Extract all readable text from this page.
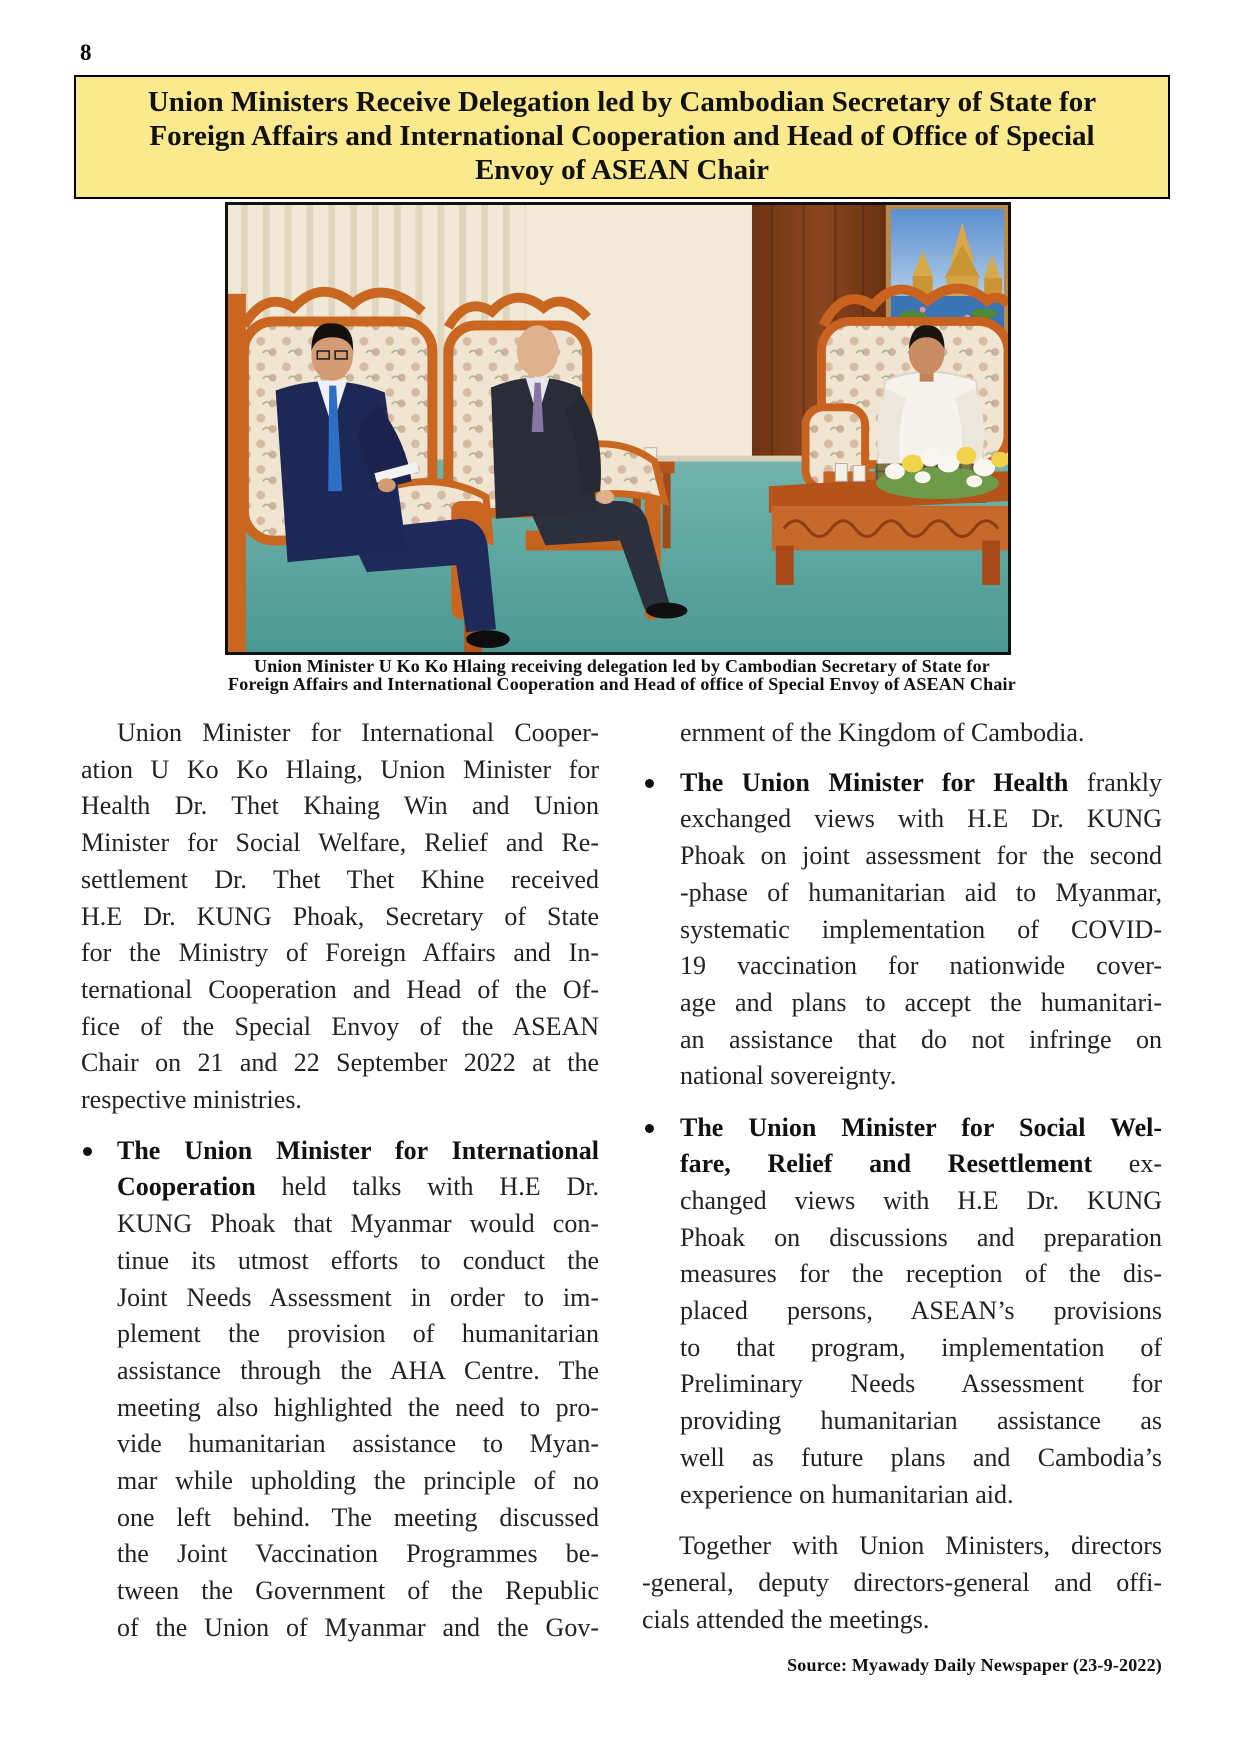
8
Union Ministers Receive Delegation led by Cambodian Secretary of State for
Foreign Affairs and International Cooperation and Head of Office of Special
Envoy of ASEAN Chair
Union Minister U Ko Ko Hlaing receiving delegation led by Cambodian Secretary of State for
Foreign Affairs and International Cooperation and Head of office of Special Envoy of ASEAN Chair
Union Minister for International Cooper-
ation U Ko Ko Hlaing, Union Minister for
Health Dr. Thet Khaing Win and Union
Minister for Social Welfare, Relief and Re-
settlement Dr. Thet Thet Khine received
H.E Dr. KUNG Phoak, Secretary of State
for the Ministry of Foreign Affairs and In-
ternational Cooperation and Head of the Of-
fice of the Special Envoy of the ASEAN
Chair on 21 and 22 September 2022 at the
respective ministries.
The Union Minister for International
Cooperation held talks with H.E Dr.
KUNG Phoak that Myanmar would con-
tinue its utmost efforts to conduct the
Joint Needs Assessment in order to im-
plement the provision of humanitarian
assistance through the AHA Centre. The
meeting also highlighted the need to pro-
vide humanitarian assistance to Myan-
mar while upholding the principle of no
one left behind. The meeting discussed
the Joint Vaccination Programmes be-
tween the Government of the Republic
of the Union of Myanmar and the Gov-
ernment of the Kingdom of Cambodia.
The Union Minister for Health frankly
exchanged views with H.E Dr. KUNG
Phoak on joint assessment for the second
-phase of humanitarian aid to Myanmar,
systematic implementation of COVID-
19 vaccination for nationwide cover-
age and plans to accept the humanitari-
an assistance that do not infringe on
national sovereignty.
The Union Minister for Social Wel-
fare, Relief and Resettlement ex-
changed views with H.E Dr. KUNG
Phoak on discussions and preparation
measures for the reception of the dis-
placed persons, ASEAN’s provisions
to that program, implementation of
Preliminary Needs Assessment for
providing humanitarian assistance as
well as future plans and Cambodia’s
experience on humanitarian aid.
Together with Union Ministers, directors
-general, deputy directors-general and offi-
cials attended the meetings.
Source: Myawady Daily Newspaper (23-9-2022)
